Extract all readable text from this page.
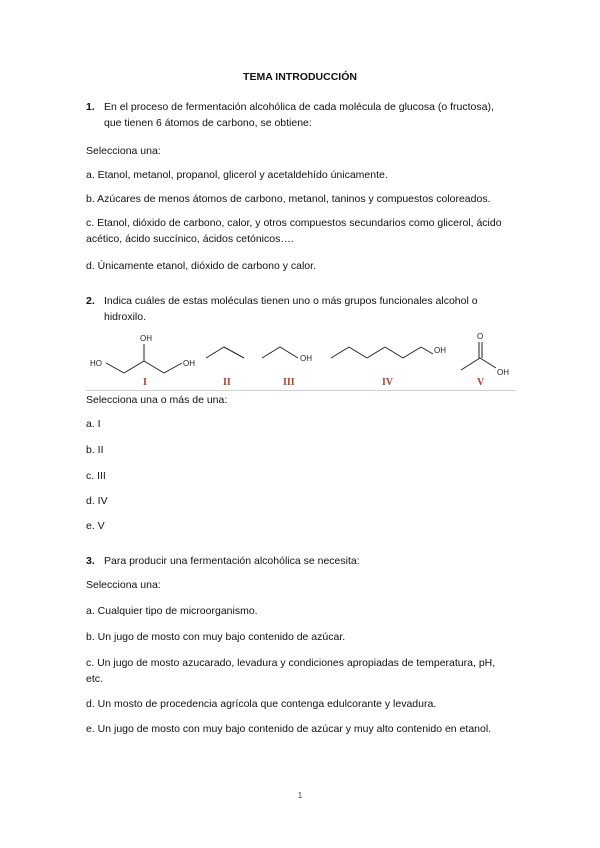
TEMA INTRODUCCIÓN
1. En el proceso de fermentación alcohólica de cada molécula de glucosa (o fructosa),
que tienen 6 átomos de carbono, se obtiene:
Selecciona una:
a. Etanol, metanol, propanol, glicerol y acetaldehído únicamente.
b. Azúcares de menos átomos de carbono, metanol, taninos y compuestos coloreados.
c. Etanol, dióxido de carbono, calor, y otros compuestos secundarios como glicerol, ácido
acético, ácido succínico, ácidos cetónicos….
d. Únicamente etanol, dióxido de carbono y calor.
2. Indica cuáles de estas moléculas tienen uno o más grupos funcionales alcohol o
hidroxilo.
HO
OH
OH
I	II
OH
III
OH
IV
O
OH
V
Selecciona una o más de una:
a. I
b. II
c. III
d. IV
e. V
3. Para producir una fermentación alcohólica se necesita:
Selecciona una:
a. Cualquier tipo de microorganismo.
b. Un jugo de mosto con muy bajo contenido de azúcar.
c. Un jugo de mosto azucarado, levadura y condiciones apropiadas de temperatura, pH,
etc.
d. Un mosto de procedencia agrícola que contenga edulcorante y levadura.
e. Un jugo de mosto con muy bajo contenido de azúcar y muy alto contenido en etanol.
1
